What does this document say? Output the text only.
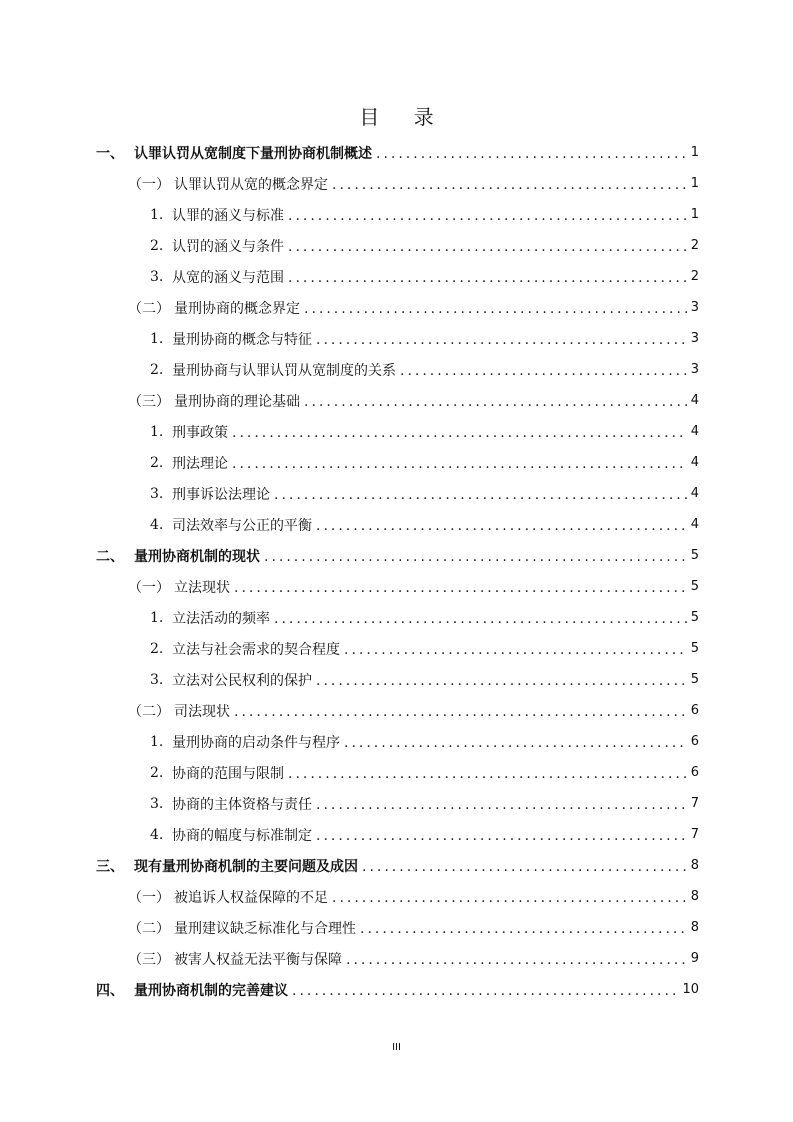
目 录
一、 认罪认罚从宽制度下量刑协商机制概述 .....	1
（一） 认罪认罚从宽的概念界定 .....	1
1. 认罪的涵义与标准 .....	1
2. 认罚的涵义与条件 .....	2
3. 从宽的涵义与范围 .....	2
（二） 量刑协商的概念界定 .....	3
1. 量刑协商的概念与特征 .....	3
2. 量刑协商与认罪认罚从宽制度的关系 .....	3
（三） 量刑协商的理论基础 .....	4
1. 刑事政策 .....	4
2. 刑法理论 .....	4
3. 刑事诉讼法理论 .....	4
4. 司法效率与公正的平衡 .....	4
二、 量刑协商机制的现状 .....	5
（一） 立法现状 .....	5
1. 立法活动的频率 .....	5
2. 立法与社会需求的契合程度 .....	5
3. 立法对公民权利的保护 .....	5
（二） 司法现状 .....	6
1. 量刑协商的启动条件与程序 .....	6
2. 协商的范围与限制 .....	6
3. 协商的主体资格与责任 .....	7
4. 协商的幅度与标准制定 .....	7
三、 现有量刑协商机制的主要问题及成因 .....	8
（一） 被追诉人权益保障的不足 .....	8
（二） 量刑建议缺乏标准化与合理性 .....	8
（三） 被害人权益无法平衡与保障 .....	9
四、 量刑协商机制的完善建议 .....	10
III
